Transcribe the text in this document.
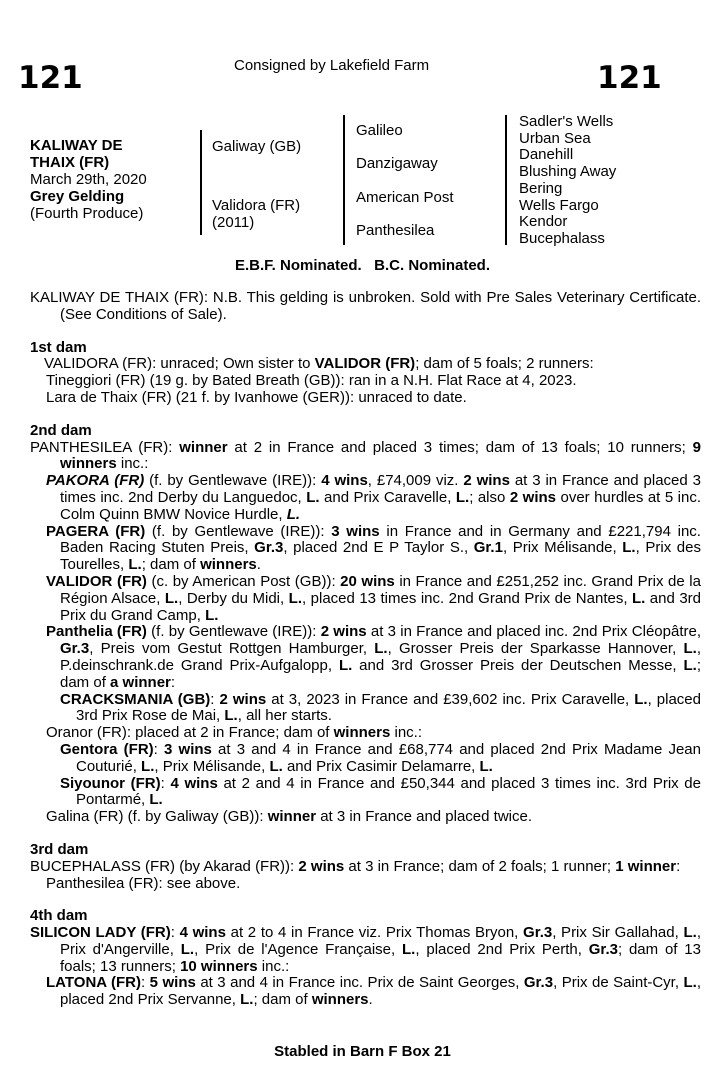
121	Consigned by Lakefield Farm	121
KALIWAY DE
THAIX (FR)
March 29th, 2020
Grey Gelding
(Fourth Produce)
Galiway (GB)
Validora (FR)
(2011)
Galileo
Danzigaway
American Post
Panthesilea
Sadler's Wells
Urban Sea
Danehill
Blushing Away
Bering
Wells Fargo
Kendor
Bucephalass
E.B.F. Nominated.   B.C. Nominated.
KALIWAY DE THAIX (FR): N.B. This gelding is unbroken. Sold with Pre Sales Veterinary Certificate. (See Conditions of Sale).
1st dam
VALIDORA (FR): unraced; Own sister to VALIDOR (FR); dam of 5 foals; 2 runners:
Tineggiori (FR) (19 g. by Bated Breath (GB)): ran in a N.H. Flat Race at 4, 2023.
Lara de Thaix (FR) (21 f. by Ivanhowe (GER)): unraced to date.
2nd dam
PANTHESILEA (FR): winner at 2 in France and placed 3 times; dam of 13 foals; 10 runners; 9 winners inc.:
PAKORA (FR) (f. by Gentlewave (IRE)): 4 wins, £74,009 viz. 2 wins at 3 in France and placed 3 times inc. 2nd Derby du Languedoc, L. and Prix Caravelle, L.; also 2 wins over hurdles at 5 inc. Colm Quinn BMW Novice Hurdle, L.
PAGERA (FR) (f. by Gentlewave (IRE)): 3 wins in France and in Germany and £221,794 inc. Baden Racing Stuten Preis, Gr.3, placed 2nd E P Taylor S., Gr.1, Prix Mélisande, L., Prix des Tourelles, L.; dam of winners.
VALIDOR (FR) (c. by American Post (GB)): 20 wins in France and £251,252 inc. Grand Prix de la Région Alsace, L., Derby du Midi, L., placed 13 times inc. 2nd Grand Prix de Nantes, L. and 3rd Prix du Grand Camp, L.
Panthelia (FR) (f. by Gentlewave (IRE)): 2 wins at 3 in France and placed inc. 2nd Prix Cléopâtre, Gr.3, Preis vom Gestut Rottgen Hamburger, L., Grosser Preis der Sparkasse Hannover, L., P.deinschrank.de Grand Prix-Aufgalopp, L. and 3rd Grosser Preis der Deutschen Messe, L.; dam of a winner:
CRACKSMANIA (GB): 2 wins at 3, 2023 in France and £39,602 inc. Prix Caravelle, L., placed 3rd Prix Rose de Mai, L., all her starts.
Oranor (FR): placed at 2 in France; dam of winners inc.:
Gentora (FR): 3 wins at 3 and 4 in France and £68,774 and placed 2nd Prix Madame Jean Couturié, L., Prix Mélisande, L. and Prix Casimir Delamarre, L.
Siyounor (FR): 4 wins at 2 and 4 in France and £50,344 and placed 3 times inc. 3rd Prix de Pontarmé, L.
Galina (FR) (f. by Galiway (GB)): winner at 3 in France and placed twice.
3rd dam
BUCEPHALASS (FR) (by Akarad (FR)): 2 wins at 3 in France; dam of 2 foals; 1 runner; 1 winner:
Panthesilea (FR): see above.
4th dam
SILICON LADY (FR): 4 wins at 2 to 4 in France viz. Prix Thomas Bryon, Gr.3, Prix Sir Gallahad, L., Prix d'Angerville, L., Prix de l'Agence Française, L., placed 2nd Prix Perth, Gr.3; dam of 13 foals; 13 runners; 10 winners inc.:
LATONA (FR): 5 wins at 3 and 4 in France inc. Prix de Saint Georges, Gr.3, Prix de Saint-Cyr, L., placed 2nd Prix Servanne, L.; dam of winners.
Stabled in Barn F Box 21
